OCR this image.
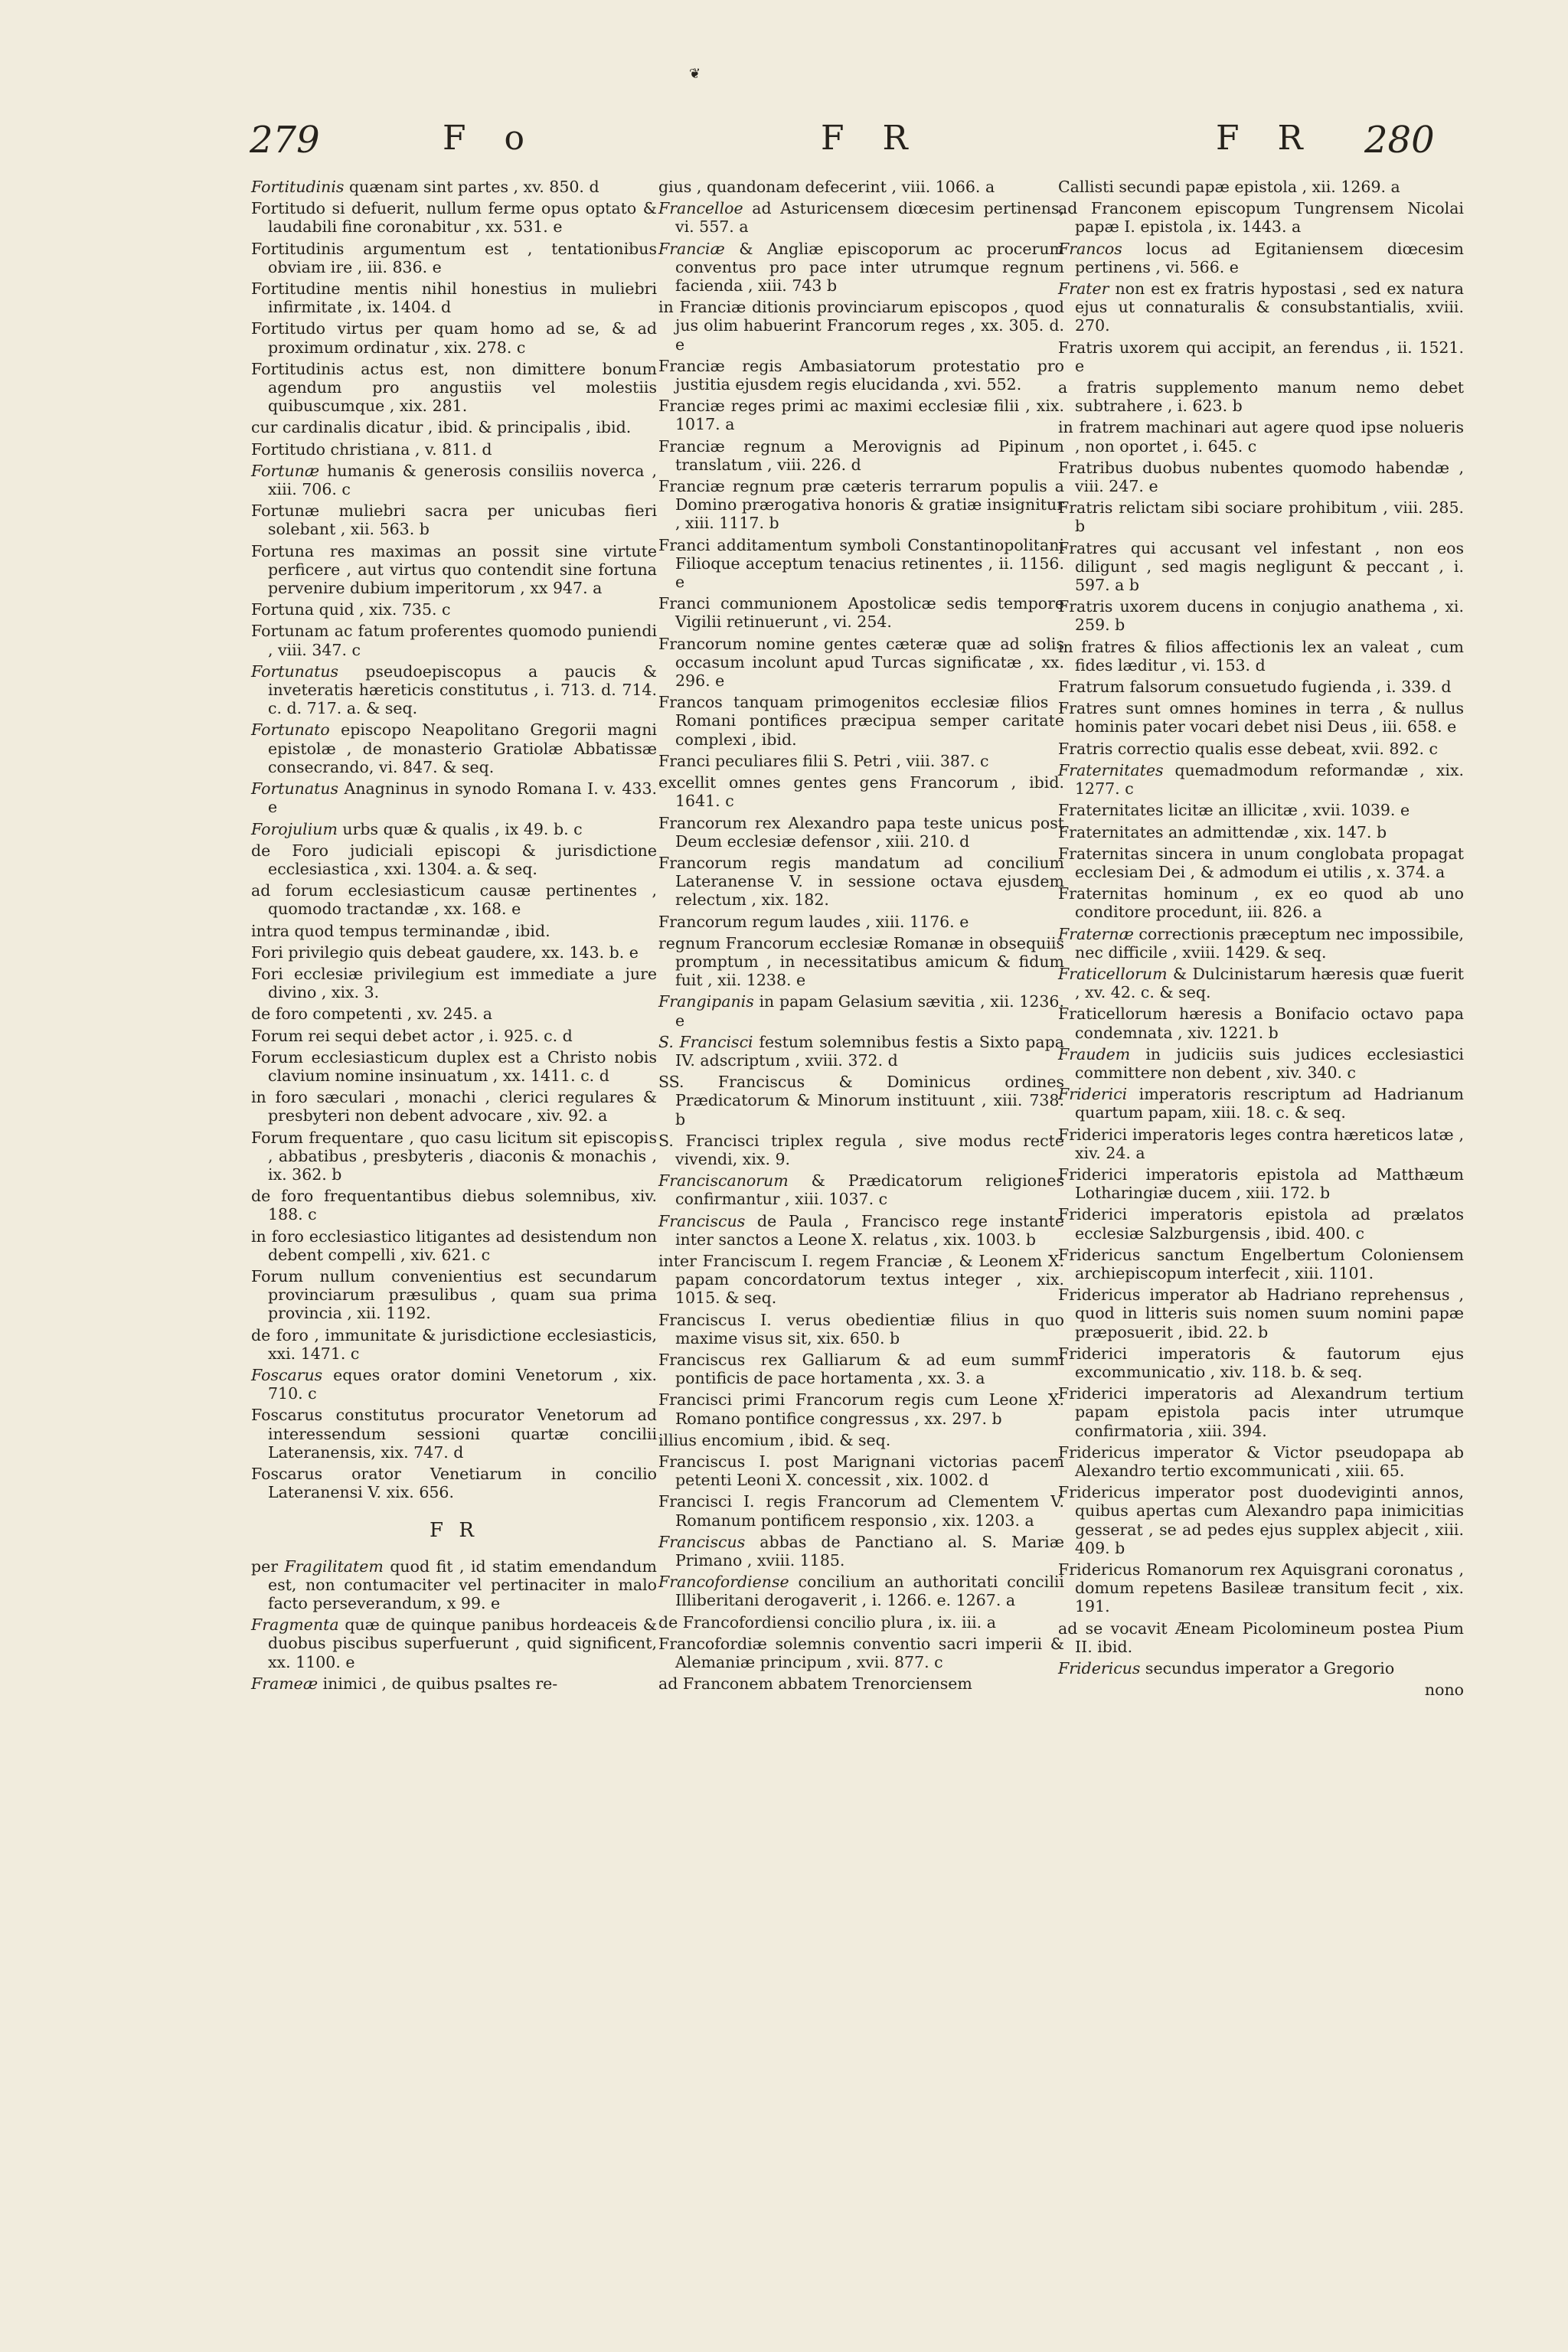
❦
279	F o	F R	F R 280
Fortitudinis quænam sint partes , xv. 850. d
Fortitudo si defuerit, nullum ferme opus optato & laudabili fine coronabitur , xx. 531. e
Fortitudinis argumentum est , tentationibus obviam ire , iii. 836. e
Fortitudine mentis nihil honestius in muliebri infirmitate , ix. 1404. d
Fortitudo virtus per quam homo ad se, & ad proximum ordinatur , xix. 278. c
Fortitudinis actus est, non dimittere bonum agendum pro angustiis vel molestiis quibuscumque , xix. 281.
cur cardinalis dicatur , ibid. & principalis , ibid.
Fortitudo christiana , v. 811. d
Fortunæ humanis & generosis consiliis noverca , xiii. 706. c
Fortunæ muliebri sacra per unicubas fieri solebant , xii. 563. b
Fortuna res maximas an possit sine virtute perficere , aut virtus quo contendit sine fortuna pervenire dubium imperitorum , xx 947. a
Fortuna quid , xix. 735. c
Fortunam ac fatum proferentes quomodo puniendi , viii. 347. c
Fortunatus pseudoepiscopus a paucis & inveteratis hæreticis constitutus , i. 713. d. 714. c. d. 717. a. & seq.
Fortunato episcopo Neapolitano Gregorii magni epistolæ , de monasterio Gratiolæ Abbatissæ consecrando, vi. 847. & seq.
Fortunatus Anagninus in synodo Romana I. v. 433. e
Forojulium urbs quæ & qualis , ix 49. b. c
de Foro judiciali episcopi & jurisdictione ecclesiastica , xxi. 1304. a. & seq.
ad forum ecclesiasticum causæ pertinentes , quomodo tractandæ , xx. 168. e
intra quod tempus terminandæ , ibid.
Fori privilegio quis debeat gaudere, xx. 143. b. e
Fori ecclesiæ privilegium est immediate a jure divino , xix. 3.
de foro competenti , xv. 245. a
Forum rei sequi debet actor , i. 925. c. d
Forum ecclesiasticum duplex est a Christo nobis clavium nomine insinuatum , xx. 1411. c. d
in foro sæculari , monachi , clerici regulares & presbyteri non debent advocare , xiv. 92. a
Forum frequentare , quo casu licitum sit episcopis , abbatibus , presbyteris , diaconis & monachis , ix. 362. b
de foro frequentantibus diebus solemnibus, xiv. 188. c
in foro ecclesiastico litigantes ad desistendum non debent compelli , xiv. 621. c
Forum nullum convenientius est secundarum provinciarum præsulibus , quam sua prima provincia , xii. 1192.
de foro , immunitate & jurisdictione ecclesiasticis, xxi. 1471. c
Foscarus eques orator domini Venetorum , xix. 710. c
Foscarus constitutus procurator Venetorum ad interessendum sessioni quartæ concilii Lateranensis, xix. 747. d
Foscarus orator Venetiarum in concilio Lateranensi V. xix. 656.
F R
per Fragilitatem quod fit , id statim emendandum est, non contumaciter vel pertinaciter in malo facto perseverandum, x 99. e
Fragmenta quæ de quinque panibus hordeaceis & duobus piscibus superfuerunt , quid significent, xx. 1100. e
Frameæ inimici , de quibus psaltes re-
gius , quandonam defecerint , viii. 1066. a
Francelloe ad Asturicensem diœcesim pertinens, vi. 557. a
Franciæ & Angliæ episcoporum ac procerum conventus pro pace inter utrumque regnum facienda , xiii. 743 b
in Franciæ ditionis provinciarum episcopos , quod jus olim habuerint Francorum reges , xx. 305. d. e
Franciæ regis Ambasiatorum protestatio pro justitia ejusdem regis elucidanda , xvi. 552.
Franciæ reges primi ac maximi ecclesiæ filii , xix. 1017. a
Franciæ regnum a Merovignis ad Pipinum translatum , viii. 226. d
Franciæ regnum præ cæteris terrarum populis a Domino prærogativa honoris & gratiæ insignitur , xiii. 1117. b
Franci additamentum symboli Constantinopolitani Filioque acceptum tenacius retinentes , ii. 1156. e
Franci communionem Apostolicæ sedis tempore Vigilii retinuerunt , vi. 254.
Francorum nomine gentes cæteræ quæ ad solis occasum incolunt apud Turcas significatæ , xx. 296. e
Francos tanquam primogenitos ecclesiæ filios , Romani pontifices præcipua semper caritate complexi , ibid.
Franci peculiares filii S. Petri , viii. 387. c
excellit omnes gentes gens Francorum , ibid. 1641. c
Francorum rex Alexandro papa teste unicus post Deum ecclesiæ defensor , xiii. 210. d
Francorum regis mandatum ad concilium Lateranense V. in sessione octava ejusdem relectum , xix. 182.
Francorum regum laudes , xiii. 1176. e
regnum Francorum ecclesiæ Romanæ in obsequiis promptum , in necessitatibus amicum & fidum fuit , xii. 1238. e
Frangipanis in papam Gelasium sævitia , xii. 1236. e
S. Francisci festum solemnibus festis a Sixto papa IV. adscriptum , xviii. 372. d
SS. Franciscus & Dominicus ordines Prædicatorum & Minorum instituunt , xiii. 738. b
S. Francisci triplex regula , sive modus recte vivendi, xix. 9.
Franciscanorum & Prædicatorum religiones confirmantur , xiii. 1037. c
Franciscus de Paula , Francisco rege instante inter sanctos a Leone X. relatus , xix. 1003. b
inter Franciscum I. regem Franciæ , & Leonem X. papam concordatorum textus integer , xix. 1015. & seq.
Franciscus I. verus obedientiæ filius in quo maxime visus sit, xix. 650. b
Franciscus rex Galliarum & ad eum summi pontificis de pace hortamenta , xx. 3. a
Francisci primi Francorum regis cum Leone X. Romano pontifice congressus , xx. 297. b
illius encomium , ibid. & seq.
Franciscus I. post Marignani victorias pacem petenti Leoni X. concessit , xix. 1002. d
Francisci I. regis Francorum ad Clementem V. Romanum pontificem responsio , xix. 1203. a
Franciscus abbas de Panctiano al. S. Mariæ Primano , xviii. 1185.
Francofordiense concilium an authoritati concilii Illiberitani derogaverit , i. 1266. e. 1267. a
de Francofordiensi concilio plura , ix. iii. a
Francofordiæ solemnis conventio sacri imperii & Alemaniæ principum , xvii. 877. c
ad Franconem abbatem Trenorciensem
Callisti secundi papæ epistola , xii. 1269. a
ad Franconem episcopum Tungrensem Nicolai papæ I. epistola , ix. 1443. a
Francos locus ad Egitaniensem diœcesim pertinens , vi. 566. e
Frater non est ex fratris hypostasi , sed ex natura ejus ut connaturalis & consubstantialis, xviii. 270.
Fratris uxorem qui accipit, an ferendus , ii. 1521. e
a fratris supplemento manum nemo debet subtrahere , i. 623. b
in fratrem machinari aut agere quod ipse nolueris , non oportet , i. 645. c
Fratribus duobus nubentes quomodo habendæ , viii. 247. e
Fratris relictam sibi sociare prohibitum , viii. 285. b
Fratres qui accusant vel infestant , non eos diligunt , sed magis negligunt & peccant , i. 597. a b
Fratris uxorem ducens in conjugio anathema , xi. 259. b
in fratres & filios affectionis lex an valeat , cum fides læditur , vi. 153. d
Fratrum falsorum consuetudo fugienda , i. 339. d
Fratres sunt omnes homines in terra , & nullus hominis pater vocari debet nisi Deus , iii. 658. e
Fratris correctio qualis esse debeat, xvii. 892. c
Fraternitates quemadmodum reformandæ , xix. 1277. c
Fraternitates licitæ an illicitæ , xvii. 1039. e
Fraternitates an admittendæ , xix. 147. b
Fraternitas sincera in unum conglobata propagat ecclesiam Dei , & admodum ei utilis , x. 374. a
Fraternitas hominum , ex eo quod ab uno conditore procedunt, iii. 826. a
Fraternæ correctionis præceptum nec impossibile, nec difficile , xviii. 1429. & seq.
Fraticellorum & Dulcinistarum hæresis quæ fuerit , xv. 42. c. & seq.
Fraticellorum hæresis a Bonifacio octavo papa condemnata , xiv. 1221. b
Fraudem in judiciis suis judices ecclesiastici committere non debent , xiv. 340. c
Friderici imperatoris rescriptum ad Hadrianum quartum papam, xiii. 18. c. & seq.
Friderici imperatoris leges contra hæreticos latæ , xiv. 24. a
Friderici imperatoris epistola ad Matthæum Lotharingiæ ducem , xiii. 172. b
Friderici imperatoris epistola ad prælatos ecclesiæ Salzburgensis , ibid. 400. c
Fridericus sanctum Engelbertum Coloniensem archiepiscopum interfecit , xiii. 1101.
Fridericus imperator ab Hadriano reprehensus , quod in litteris suis nomen suum nomini papæ præposuerit , ibid. 22. b
Friderici imperatoris & fautorum ejus excommunicatio , xiv. 118. b. & seq.
Friderici imperatoris ad Alexandrum tertium papam epistola pacis inter utrumque confirmatoria , xiii. 394.
Fridericus imperator & Victor pseudopapa ab Alexandro tertio excommunicati , xiii. 65.
Fridericus imperator post duodeviginti annos, quibus apertas cum Alexandro papa inimicitias gesserat , se ad pedes ejus supplex abjecit , xiii. 409. b
Fridericus Romanorum rex Aquisgrani coronatus , domum repetens Basileæ transitum fecit , xix. 191.
ad se vocavit Æneam Picolomineum postea Pium II. ibid.
Fridericus secundus imperator a Gregorio
nono
